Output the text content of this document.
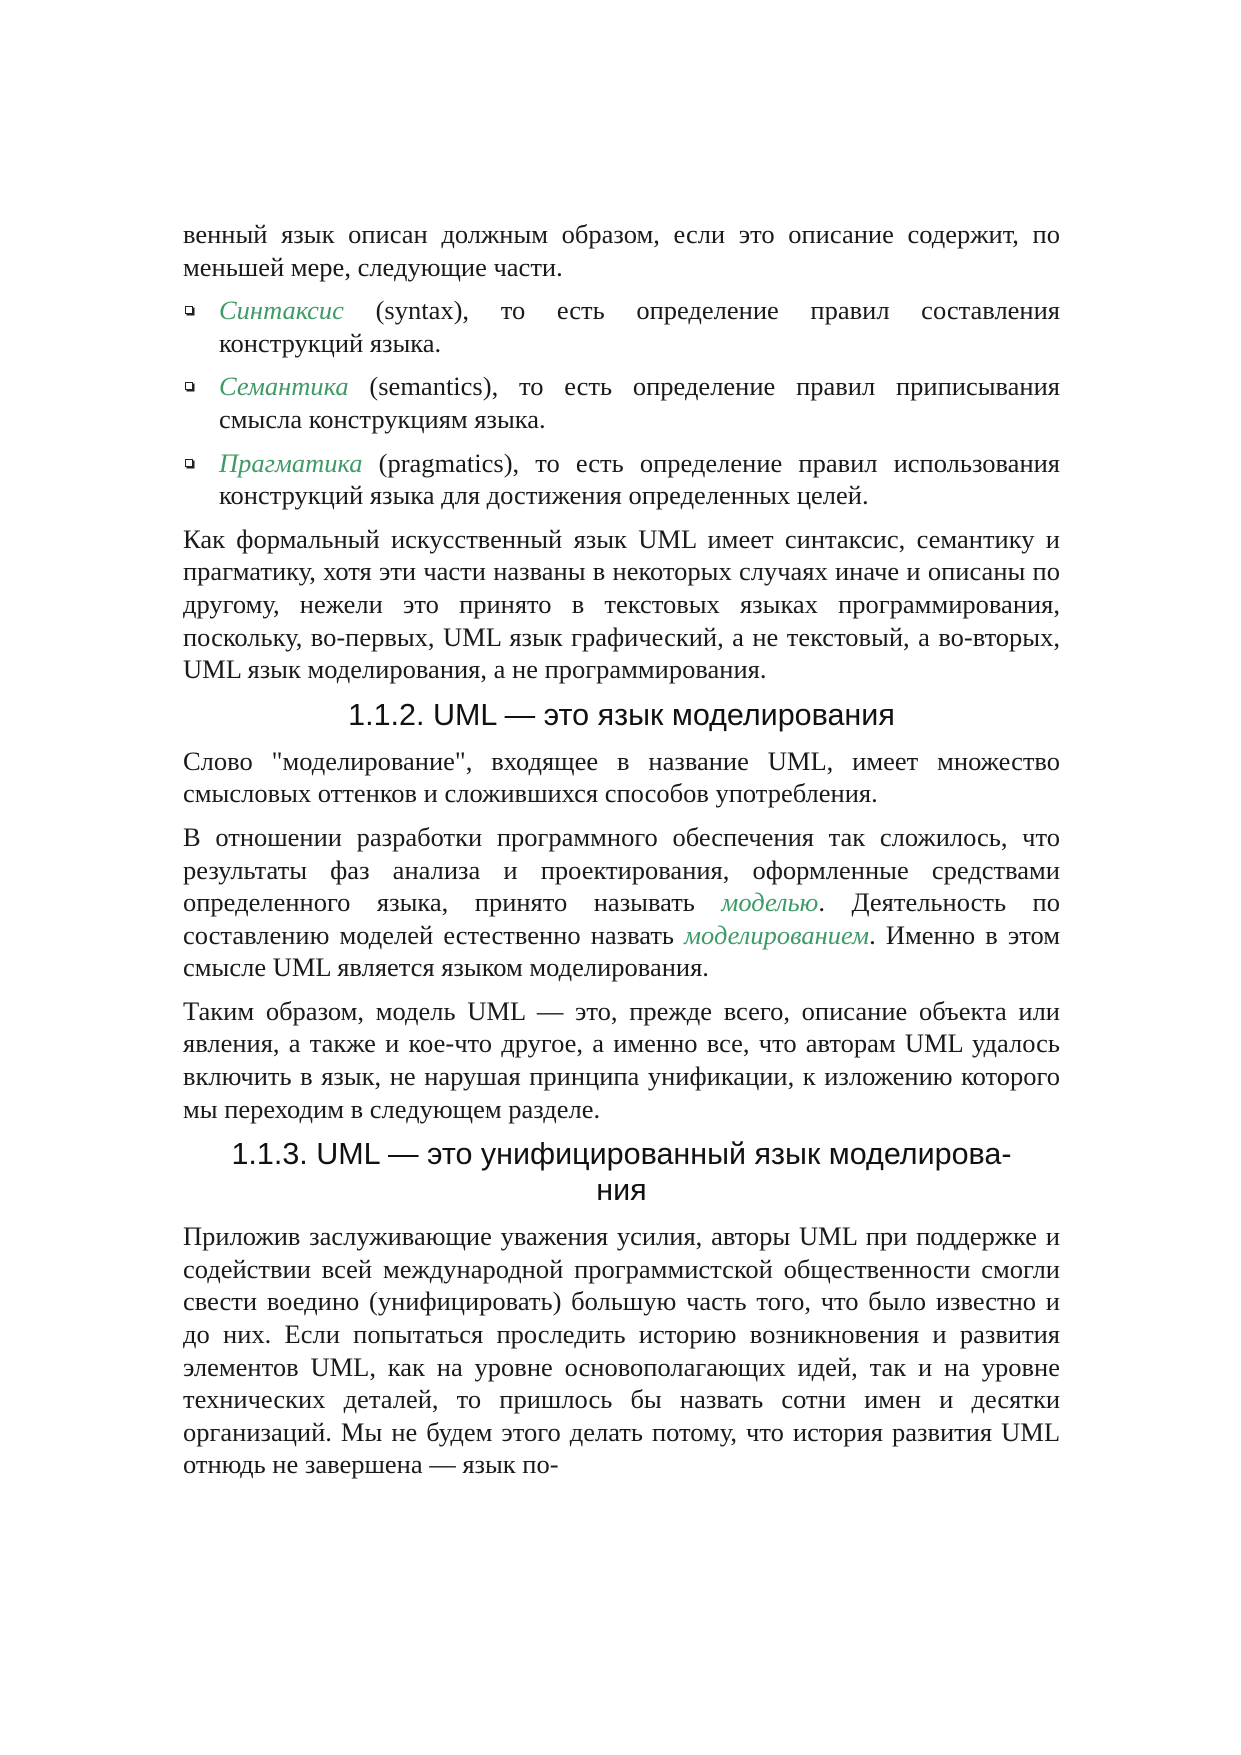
венный язык описан должным образом, если это описание содержит, по меньшей мере, следующие части.

Синтаксис (syntax), то есть определение правил составления конструкций языка.
Семантика (semantics), то есть определение правил приписывания смысла конструкциям языка.
Прагматика (pragmatics), то есть определение правил использования конструкций языка для достижения определенных целей.

Как формальный искусственный язык UML имеет синтаксис, семантику и прагматику, хотя эти части названы в некоторых случаях иначе и описаны по другому, нежели это принято в текстовых языках программирования, поскольку, во-первых, UML язык графический, а не текстовый, а во-вторых, UML язык моделирования, а не программирования.

1.1.2. UML — это язык моделирования

Слово "моделирование", входящее в название UML, имеет множество смысловых оттенков и сложившихся способов употребления.

В отношении разработки программного обеспечения так сложилось, что результаты фаз анализа и проектирования, оформленные средствами определенного языка, принято называть моделью. Деятельность по составлению моделей естественно назвать моделированием. Именно в этом смысле UML является языком моделирования.

Таким образом, модель UML — это, прежде всего, описание объекта или явления, а также и кое-что другое, а именно все, что авторам UML удалось включить в язык, не нарушая принципа унификации, к изложению которого мы переходим в следующем разделе.

1.1.3. UML — это унифицированный язык моделирова-
ния

Приложив заслуживающие уважения усилия, авторы UML при поддержке и содействии всей международной программистской общественности смогли свести воедино (унифицировать) большую часть того, что было известно и до них. Если попытаться проследить историю возникновения и развития элементов UML, как на уровне основополагающих идей, так и на уровне технических деталей, то пришлось бы назвать сотни имен и десятки организаций. Мы не будем этого делать потому, что история развития UML отнюдь не завершена — язык по-
